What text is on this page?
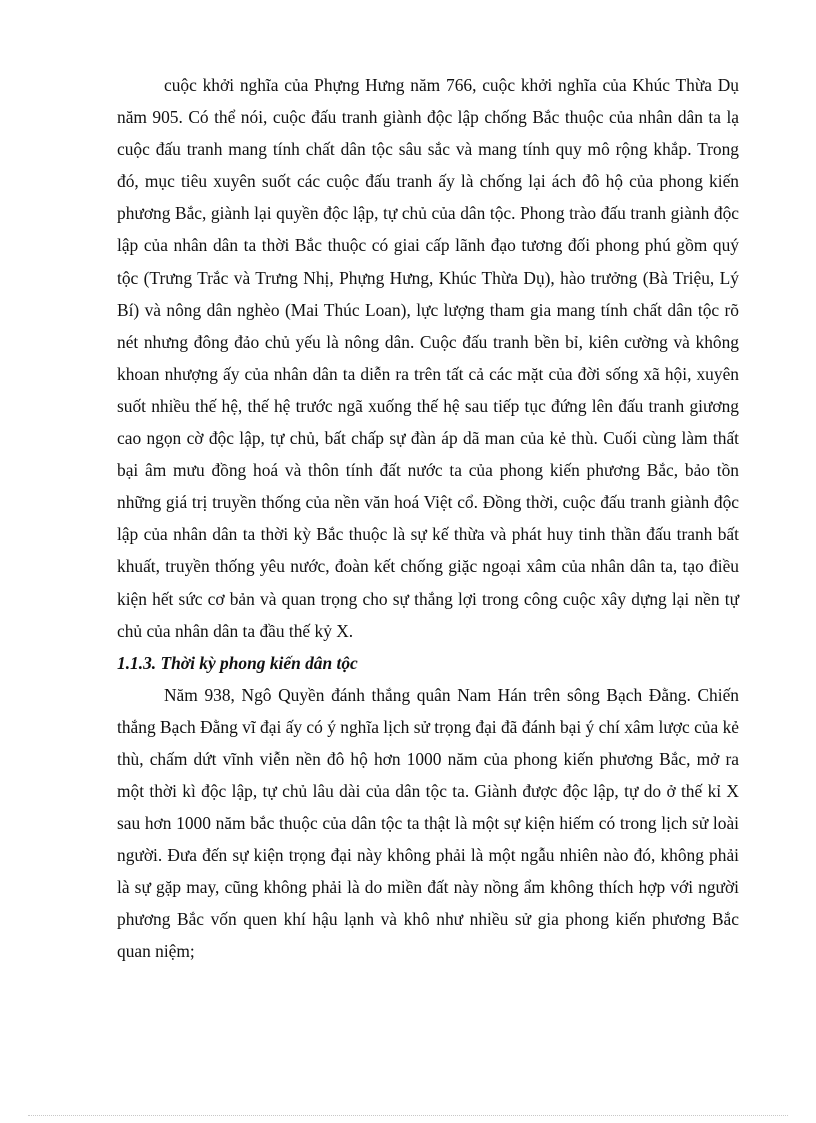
cuộc khởi nghĩa của Phựng Hưng năm 766, cuộc khởi nghĩa của Khúc Thừa Dụ năm 905. Có thể nói, cuộc đấu tranh giành độc lập chống Bắc thuộc của nhân dân ta lạ cuộc đấu tranh mang tính chất dân tộc sâu sắc và mang tính quy mô rộng khắp. Trong đó, mục tiêu xuyên suốt các cuộc đấu tranh ấy là chống lại ách đô hộ của phong kiến phương Bắc, giành lại quyền độc lập, tự chủ của dân tộc. Phong trào đấu tranh giành độc lập của nhân dân ta thời Bắc thuộc có giai cấp lãnh đạo tương đối phong phú gồm quý tộc (Trưng Trắc và Trưng Nhị, Phựng Hưng, Khúc Thừa Dụ), hào trưởng (Bà Triệu, Lý Bí) và nông dân nghèo (Mai Thúc Loan), lực lượng tham gia mang tính chất dân tộc rõ nét nhưng đông đảo chủ yếu là nông dân. Cuộc đấu tranh bền bỉ, kiên cường và không khoan nhượng ấy của nhân dân ta diễn ra trên tất cả các mặt của đời sống xã hội, xuyên suốt nhiều thế hệ, thế hệ trước ngã xuống thế hệ sau tiếp tục đứng lên đấu tranh giương cao ngọn cờ độc lập, tự chủ, bất chấp sự đàn áp dã man của kẻ thù. Cuối cùng làm thất bại âm mưu đồng hoá và thôn tính đất nước ta của phong kiến phương Bắc, bảo tồn những giá trị truyền thống của nền văn hoá Việt cổ. Đồng thời, cuộc đấu tranh giành độc lập của nhân dân ta thời kỳ Bắc thuộc là sự kế thừa và phát huy tinh thần đấu tranh bất khuất, truyền thống yêu nước, đoàn kết chống giặc ngoại xâm của nhân dân ta, tạo điều kiện hết sức cơ bản và quan trọng cho sự thắng lợi trong công cuộc xây dựng lại nền tự chủ của nhân dân ta đầu thế kỷ X.

1.1.3. Thời kỳ phong kiến dân tộc

Năm 938, Ngô Quyền đánh thắng quân Nam Hán trên sông Bạch Đằng. Chiến thắng Bạch Đằng vĩ đại ấy có ý nghĩa lịch sử trọng đại đã đánh bại ý chí xâm lược của kẻ thù, chấm dứt vĩnh viễn nền đô hộ hơn 1000 năm của phong kiến phương Bắc, mở ra một thời kì độc lập, tự chủ lâu dài của dân tộc ta. Giành được độc lập, tự do ở thế kỉ X sau hơn 1000 năm bắc thuộc của dân tộc ta thật là một sự kiện hiếm có trong lịch sử loài người. Đưa đến sự kiện trọng đại này không phải là một ngẫu nhiên nào đó, không phải là sự gặp may, cũng không phải là do miền đất này nồng ẩm không thích hợp với người phương Bắc vốn quen khí hậu lạnh và khô như nhiều sử gia phong kiến phương Bắc quan niệm;
